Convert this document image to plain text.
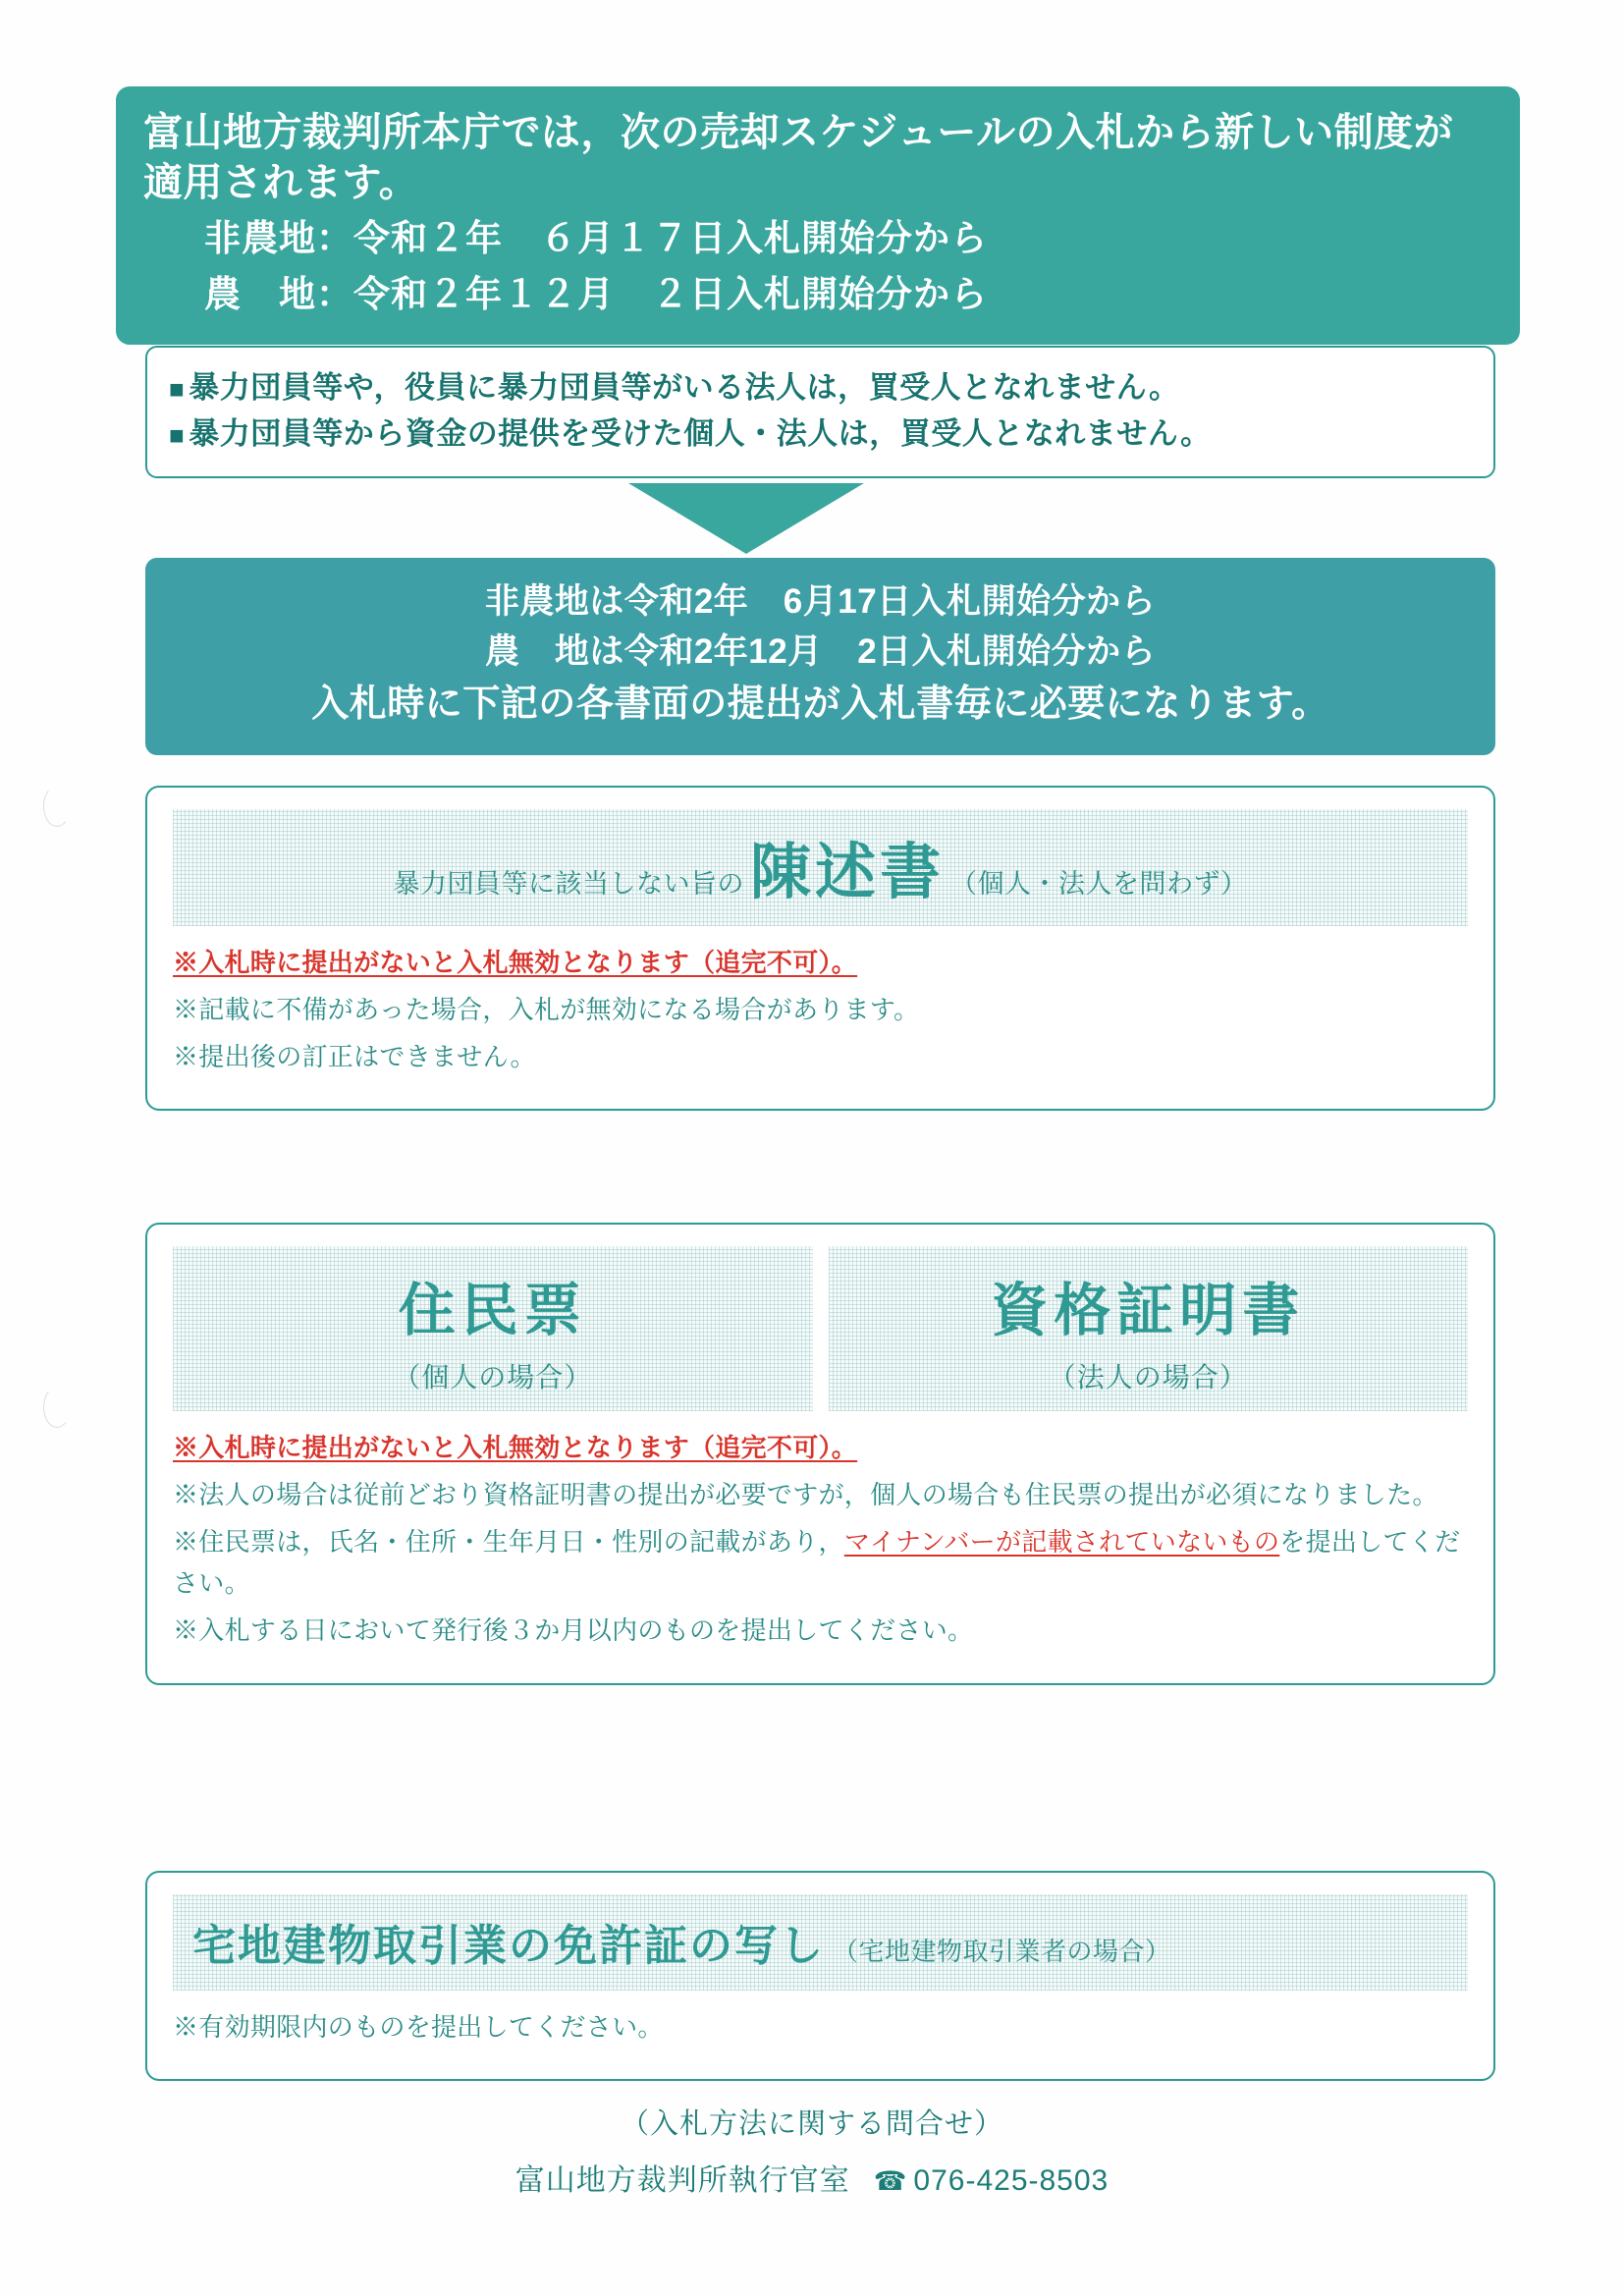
富山地方裁判所本庁では，次の売却スケジュールの入札から新しい制度が適用されます。
非農地：令和２年　６月１７日入札開始分から
農　地：令和２年１２月　２日入札開始分から
■ 暴力団員等や，役員に暴力団員等がいる法人は，買受人となれません。
■ 暴力団員等から資金の提供を受けた個人・法人は，買受人となれません。
非農地は令和2年　6月17日入札開始分から
農　地は令和2年12月　2日入札開始分から
入札時に下記の各書面の提出が入札書毎に必要になります。
暴力団員等に該当しない旨の 陳述書 （個人・法人を問わず）
※入札時に提出がないと入札無効となります（追完不可）。
※記載に不備があった場合，入札が無効になる場合があります。
※提出後の訂正はできません。
住民票
（個人の場合）
資格証明書
（法人の場合）
※入札時に提出がないと入札無効となります（追完不可）。
※法人の場合は従前どおり資格証明書の提出が必要ですが，個人の場合も住民票の提出が必須になりました。
※住民票は，氏名・住所・生年月日・性別の記載があり，マイナンバーが記載されていないものを提出してください。
※入札する日において発行後３か月以内のものを提出してください。
宅地建物取引業の免許証の写し （宅地建物取引業者の場合）
※有効期限内のものを提出してください。
（入札方法に関する問合せ）
富山地方裁判所執行官室 ☎ 076-425-8503
